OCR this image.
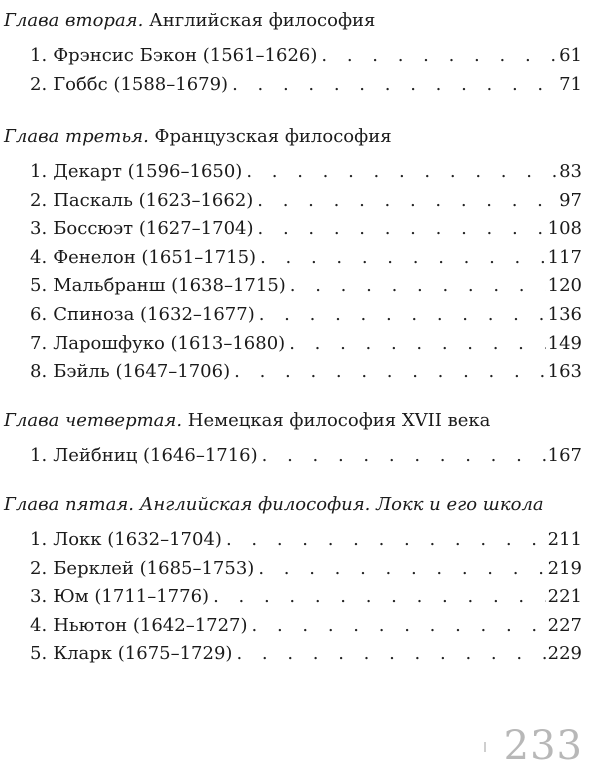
Глава вторая. Английская философия
1. Фрэнсис Бэкон (1561–1626) . . .	61
2. Гоббс (1588–1679) . . .	71
Глава третья. Французская философия
1. Декарт (1596–1650) . . .	83
2. Паскаль (1623–1662) . . .	97
3. Боссюэт (1627–1704) . . .	108
4. Фенелон (1651–1715) . . .	117
5. Мальбранш (1638–1715) . . .	120
6. Спиноза (1632–1677) . . .	136
7. Ларошфуко (1613–1680) . . .	149
8. Бэйль (1647–1706) . . .	163
Глава четвертая. Немецкая философия XVII века
1. Лейбниц (1646–1716) . . .	167
Глава пятая. Английская философия. Локк и его школа
1. Локк (1632–1704) . . .	211
2. Берклей (1685–1753) . . .	219
3. Юм (1711–1776) . . .	221
4. Ньютон (1642–1727) . . .	227
5. Кларк (1675–1729) . . .	229
233
